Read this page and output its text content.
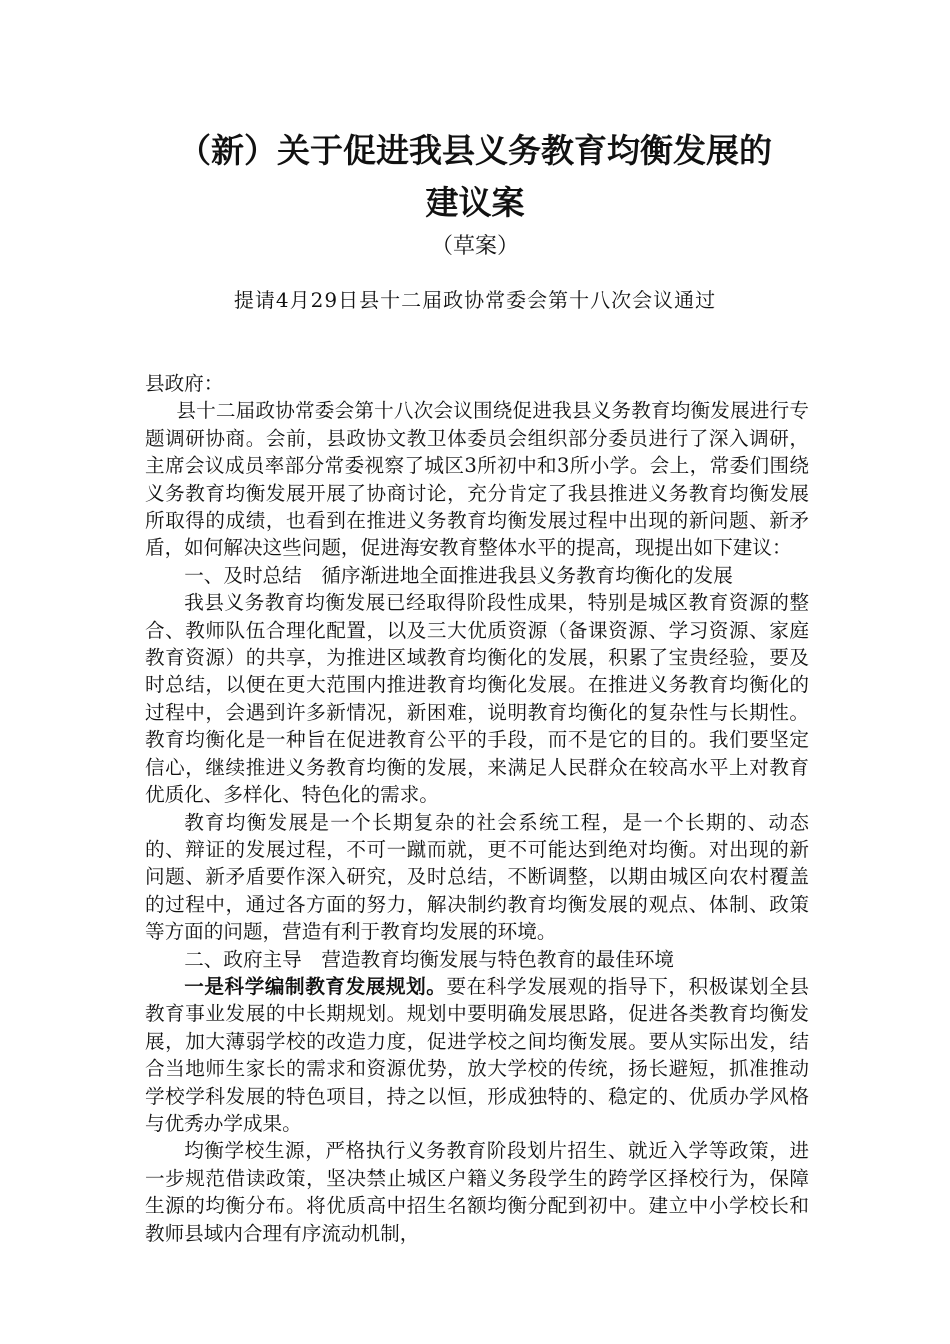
（新）关于促进我县义务教育均衡发展的
建议案
（草案）
提请4月29日县十二届政协常委会第十八次会议通过

县政府：

县十二届政协常委会第十八次会议围绕促进我县义务教育均衡发展进行专题调研协商。会前，县政协文教卫体委员会组织部分委员进行了深入调研，主席会议成员率部分常委视察了城区3所初中和3所小学。会上，常委们围绕义务教育均衡发展开展了协商讨论，充分肯定了我县推进义务教育均衡发展所取得的成绩，也看到在推进义务教育均衡发展过程中出现的新问题、新矛盾，如何解决这些问题，促进海安教育整体水平的提高，现提出如下建议：

一、及时总结　循序渐进地全面推进我县义务教育均衡化的发展

我县义务教育均衡发展已经取得阶段性成果，特别是城区教育资源的整合、教师队伍合理化配置，以及三大优质资源（备课资源、学习资源、家庭教育资源）的共享，为推进区域教育均衡化的发展，积累了宝贵经验，要及时总结，以便在更大范围内推进教育均衡化发展。在推进义务教育均衡化的过程中，会遇到许多新情况，新困难，说明教育均衡化的复杂性与长期性。教育均衡化是一种旨在促进教育公平的手段，而不是它的目的。我们要坚定信心，继续推进义务教育均衡的发展，来满足人民群众在较高水平上对教育优质化、多样化、特色化的需求。

教育均衡发展是一个长期复杂的社会系统工程，是一个长期的、动态的、辩证的发展过程，不可一蹴而就，更不可能达到绝对均衡。对出现的新问题、新矛盾要作深入研究，及时总结，不断调整，以期由城区向农村覆盖的过程中，通过各方面的努力，解决制约教育均衡发展的观点、体制、政策等方面的问题，营造有利于教育均发展的环境。

二、政府主导　营造教育均衡发展与特色教育的最佳环境

一是科学编制教育发展规划。要在科学发展观的指导下，积极谋划全县教育事业发展的中长期规划。规划中要明确发展思路，促进各类教育均衡发展，加大薄弱学校的改造力度，促进学校之间均衡发展。要从实际出发，结合当地师生家长的需求和资源优势，放大学校的传统，扬长避短，抓准推动学校学科发展的特色项目，持之以恒，形成独特的、稳定的、优质办学风格与优秀办学成果。

均衡学校生源，严格执行义务教育阶段划片招生、就近入学等政策，进一步规范借读政策，坚决禁止城区户籍义务段学生的跨学区择校行为，保障生源的均衡分布。将优质高中招生名额均衡分配到初中。建立中小学校长和教师县域内合理有序流动机制，
